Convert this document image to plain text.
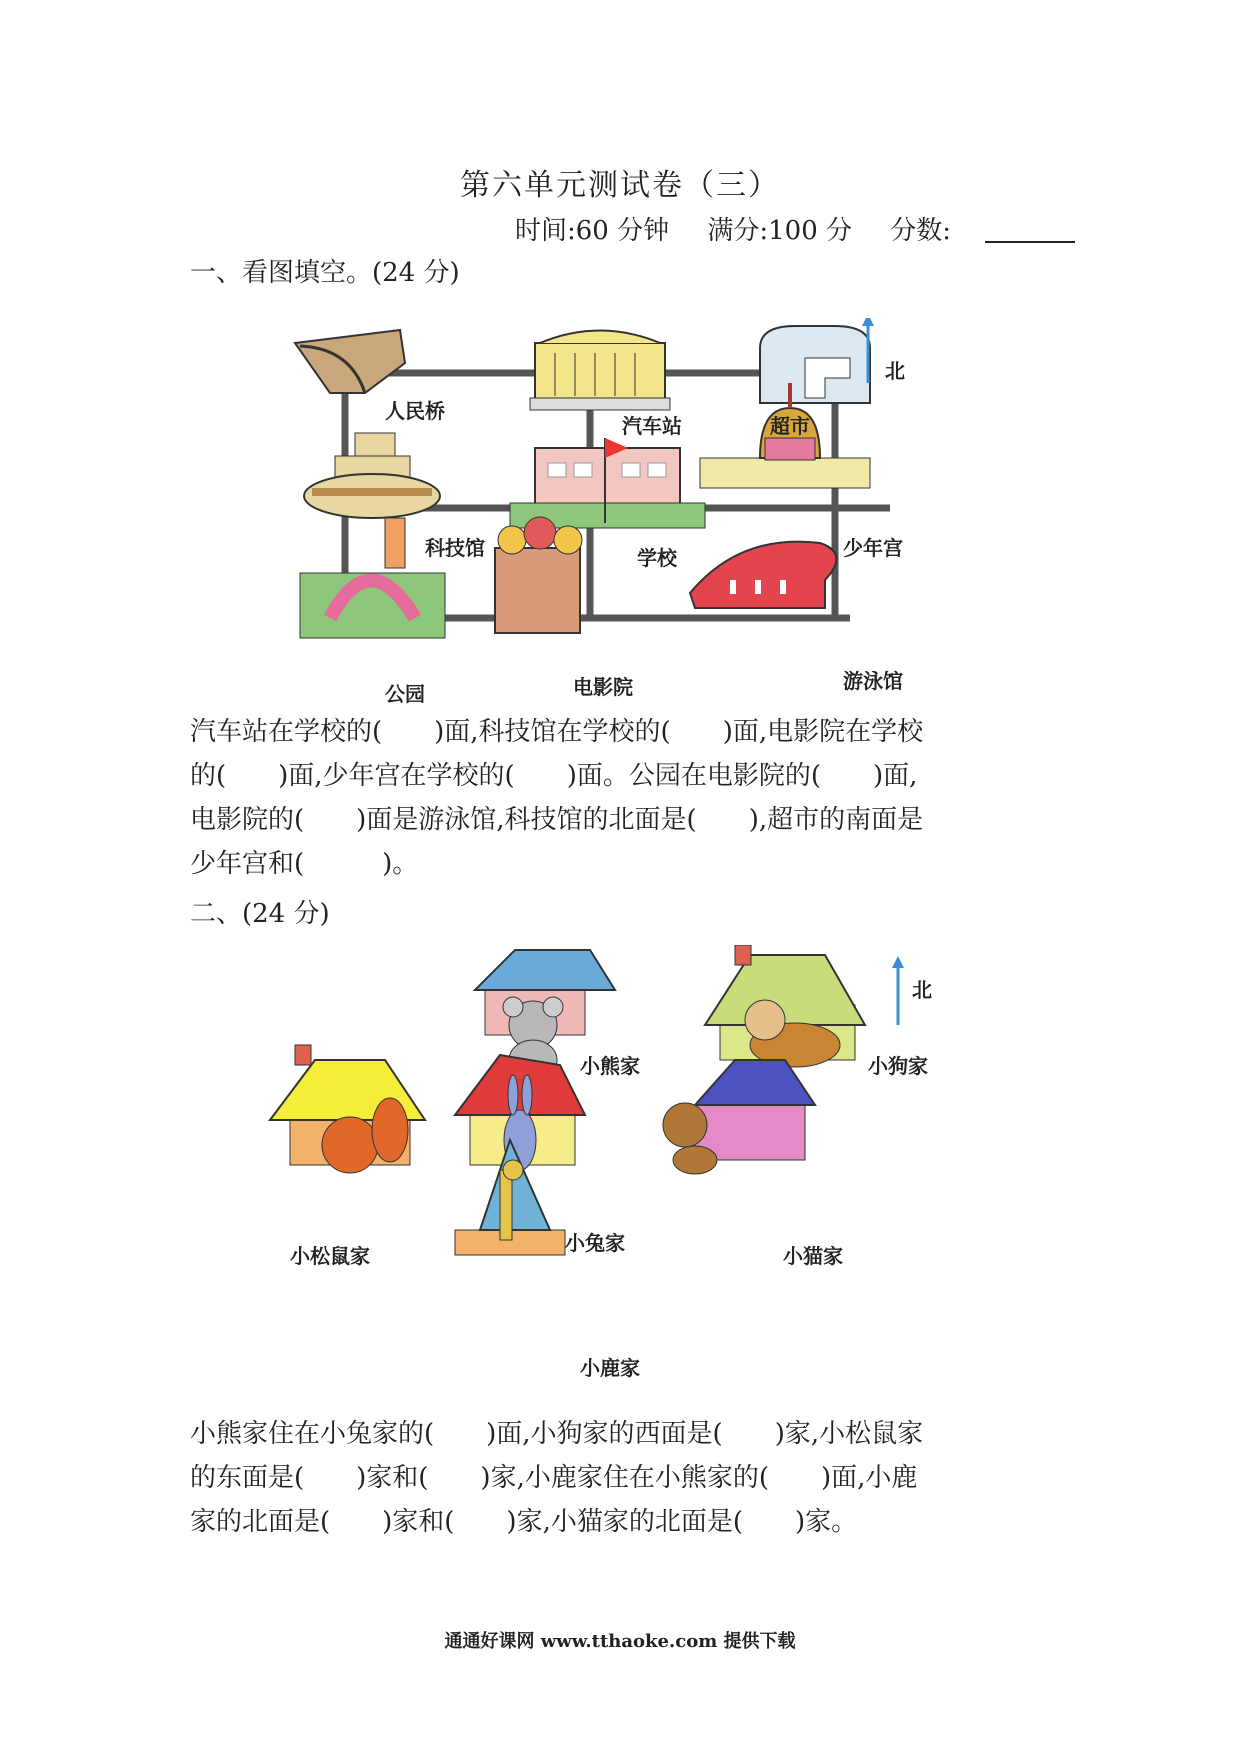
第六单元测试卷（三）
时间:60 分钟 满分:100 分 分数:
一、看图填空。(24 分)
北
人民桥
汽车站	超市
科技馆	学校	少年宫
公园	电影院	游泳馆
汽车站在学校的(　　)面,科技馆在学校的(　　)面,电影院在学校
的(　　)面,少年宫在学校的(　　)面。公园在电影院的(　　)面,
电影院的(　　)面是游泳馆,科技馆的北面是(　　),超市的南面是
少年宫和(　　　)。
二、(24 分)
北
小熊家	小狗家
小松鼠家
小兔家
小猫家
小鹿家
小熊家住在小兔家的(　　)面,小狗家的西面是(　　)家,小松鼠家
的东面是(　　)家和(　　)家,小鹿家住在小熊家的(　　)面,小鹿
家的北面是(　　)家和(　　)家,小猫家的北面是(　　)家。
通通好课网 www.tthaoke.com 提供下载
